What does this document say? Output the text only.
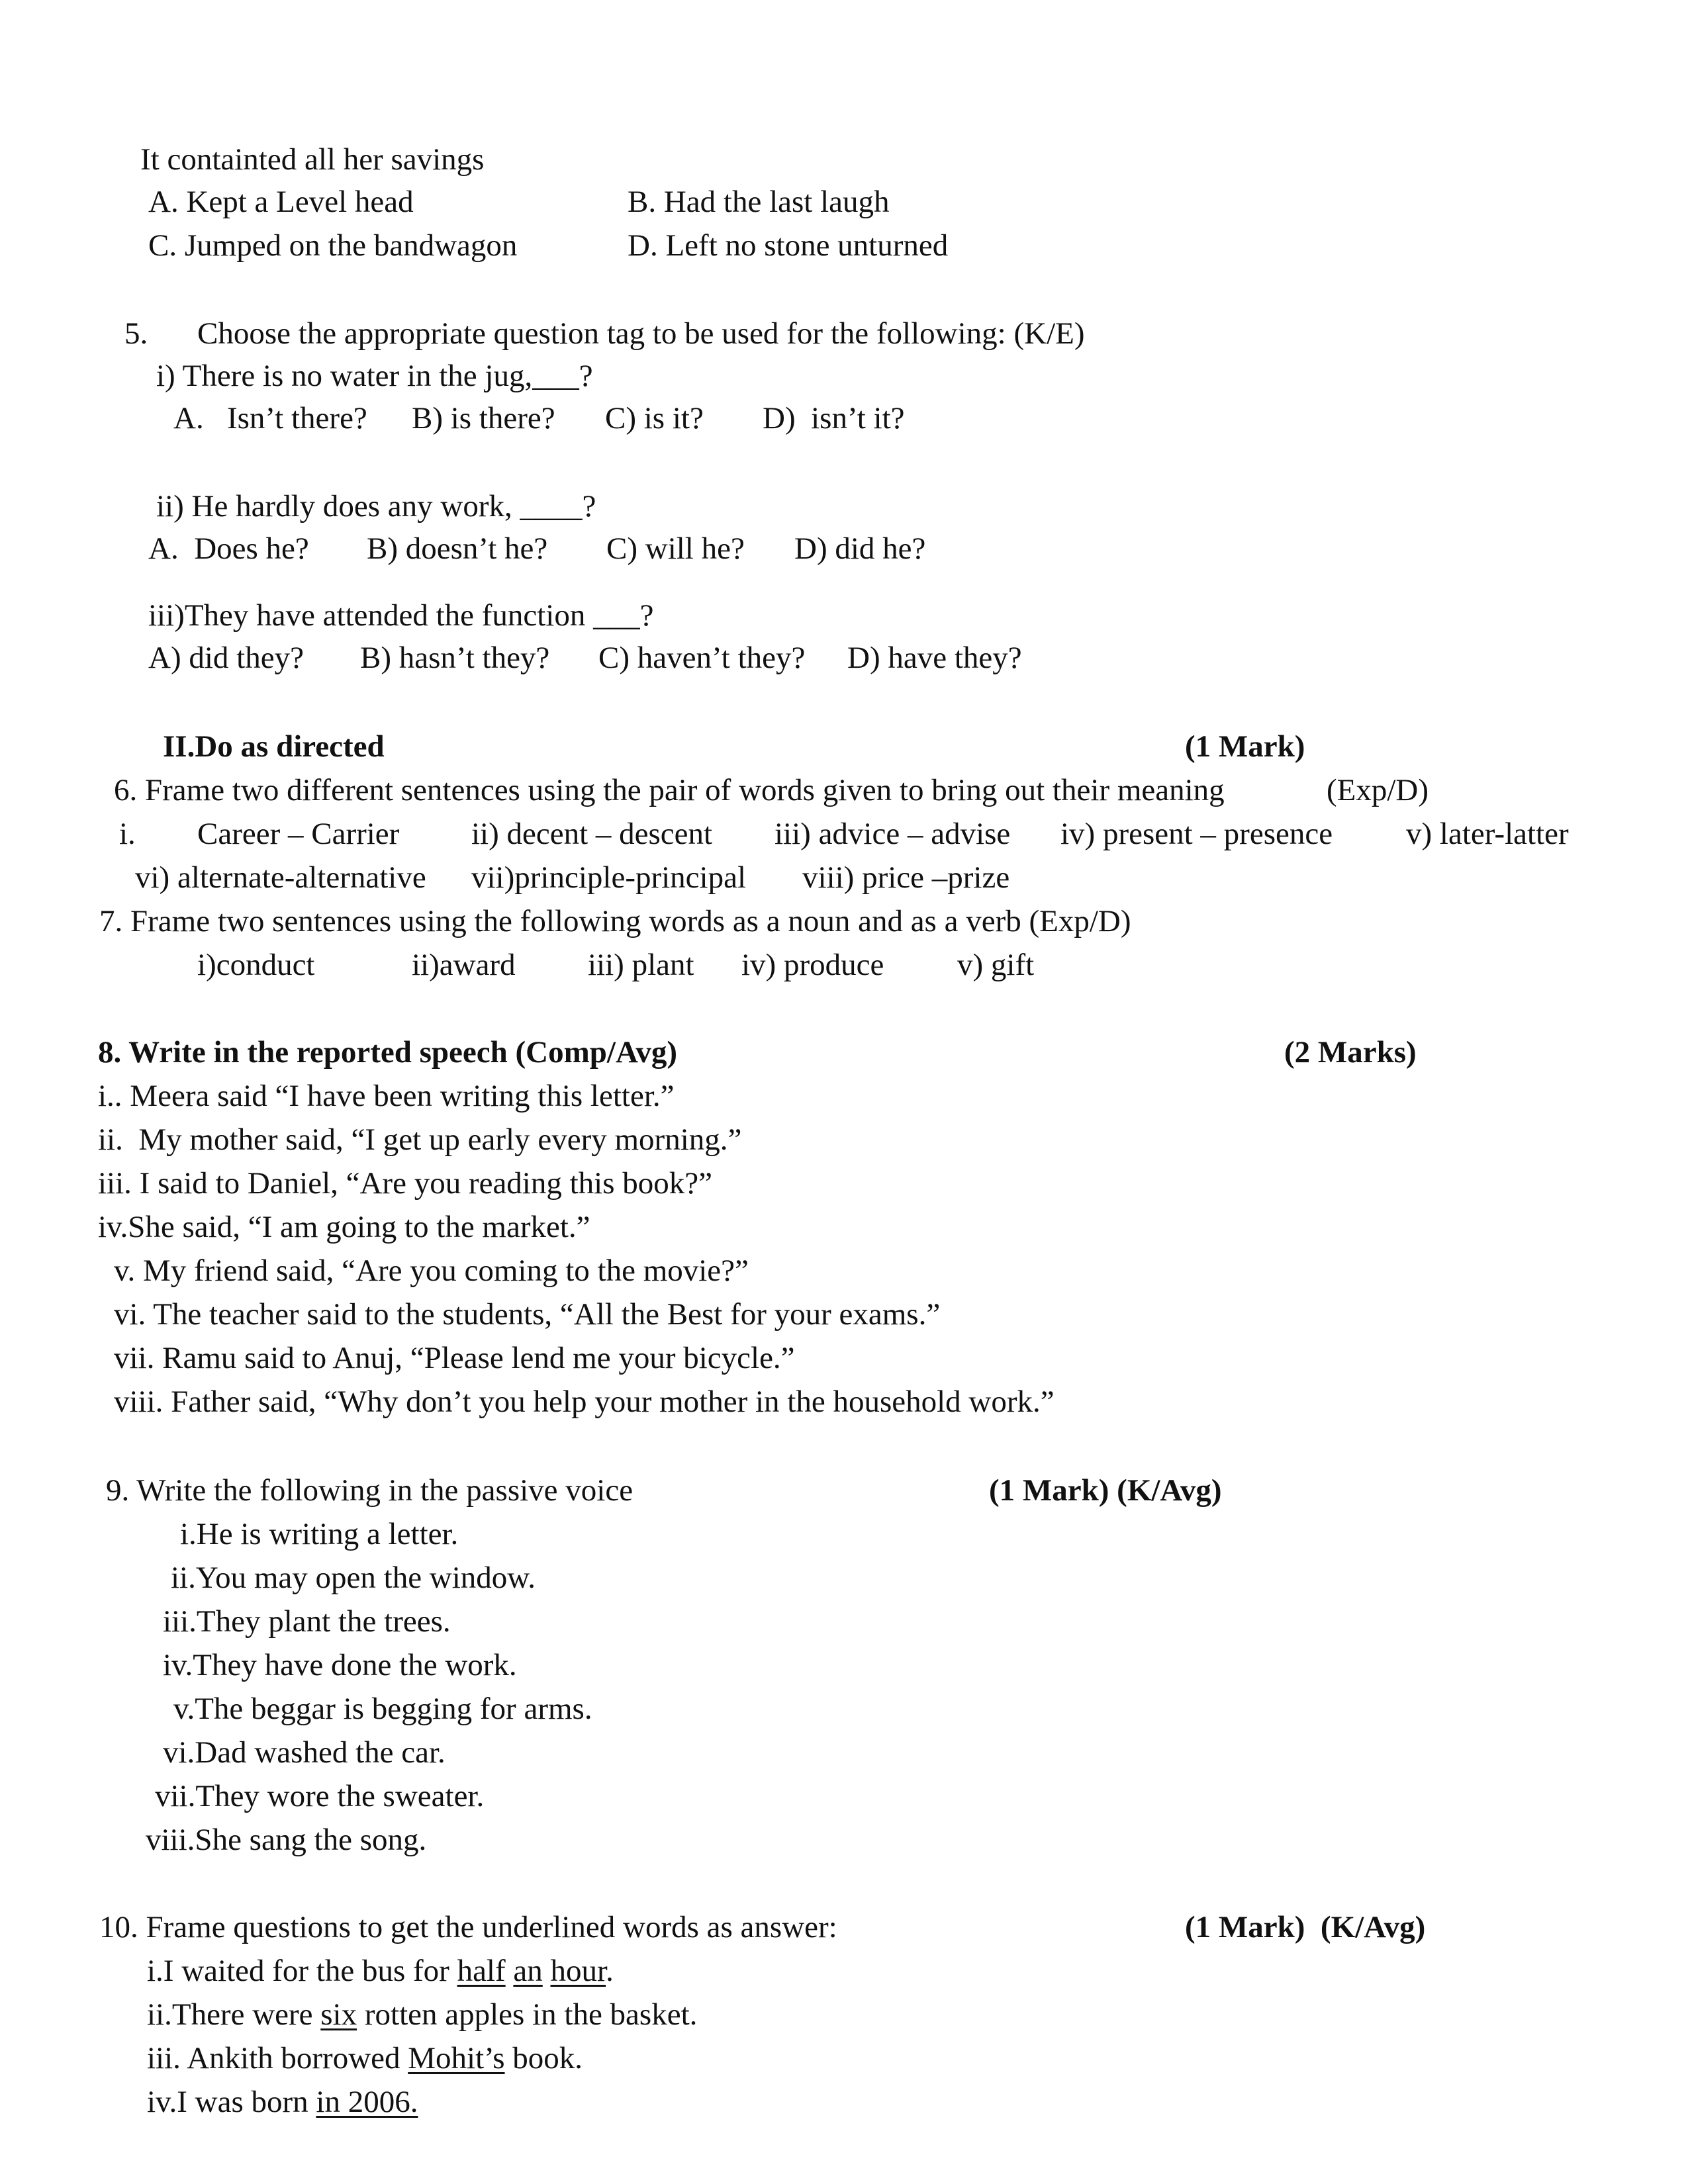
It containted all her savings
A. Kept a Level head	B. Had the last laugh
C. Jumped on the bandwagon	D. Left no stone unturned
5. Choose the appropriate question tag to be used for the following: (K/E)
i) There is no water in the jug,___?
A.   Isn’t there? B) is there? C) is it? D)  isn’t it?
ii) He hardly does any work, ____?
A.  Does he? B) doesn’t he? C) will he? D) did he?
iii)They have attended the function ___?
A) did they? B) hasn’t they? C) haven’t they? D) have they?
II.Do as directed	(1 Mark)
6. Frame two different sentences using the pair of words given to bring out their meaning	(Exp/D)
i. Career – Carrier ii) decent – descent iii) advice – advise iv) present – presence v) later-latter
vi) alternate-alternative vii)principle-principal viii) price –prize
7. Frame two sentences using the following words as a noun and as a verb (Exp/D)
i)conduct	ii)award iii) plant iv) produce v) gift
8. Write in the reported speech (Comp/Avg)	(2 Marks)
i.. Meera said “I have been writing this letter.”
ii.  My mother said, “I get up early every morning.”
iii. I said to Daniel, “Are you reading this book?”
iv.She said, “I am going to the market.”
v. My friend said, “Are you coming to the movie?”
vi. The teacher said to the students, “All the Best for your exams.”
vii. Ramu said to Anuj, “Please lend me your bicycle.”
viii. Father said, “Why don’t you help your mother in the household work.”
9. Write the following in the passive voice	(1 Mark) (K/Avg)
i.He is writing a letter.
ii.You may open the window.
iii.They plant the trees.
iv.They have done the work.
v.The beggar is begging for arms.
vi.Dad washed the car.
vii.They wore the sweater.
viii.She sang the song.
10. Frame questions to get the underlined words as answer:	(1 Mark)  (K/Avg)
i.I waited for the bus for half an hour.
ii.There were six rotten apples in the basket.
iii. Ankith borrowed Mohit’s book.
iv.I was born in 2006.
